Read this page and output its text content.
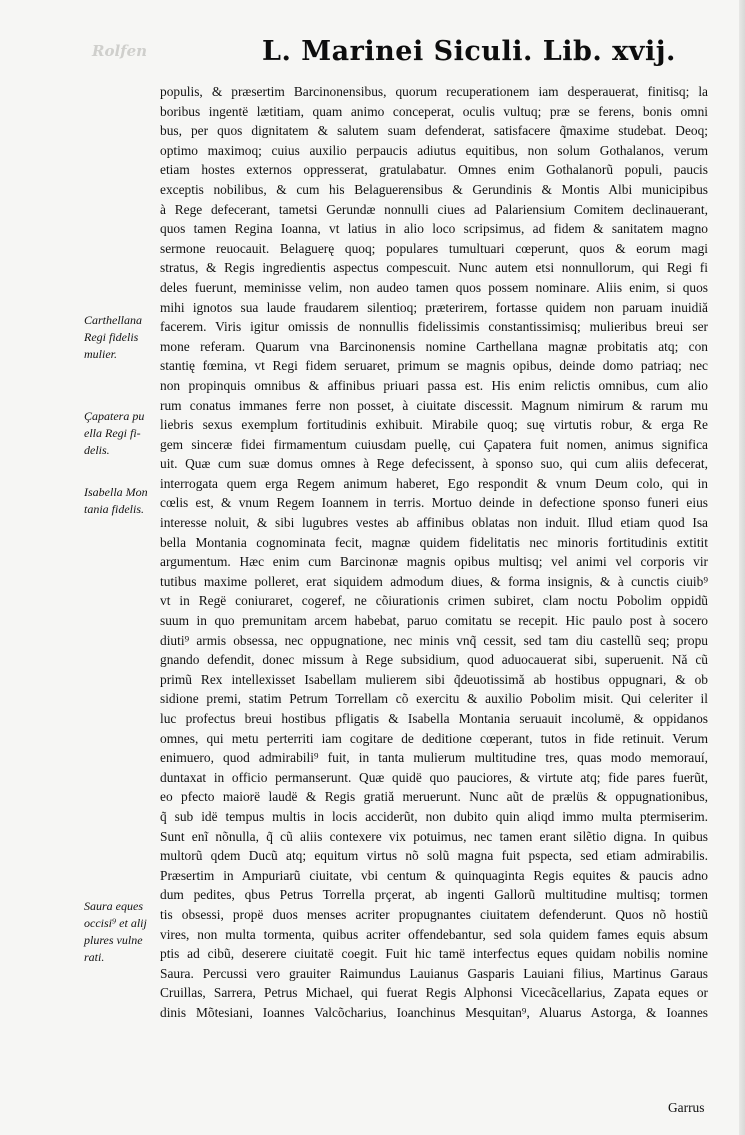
Rolfen	L. Marinei Siculi. Lib. xvij.
populis, & præsertim Barcinonensibus, quorum recuperationem iam desperauerat, finitisq; la
boribus ingentë lætitiam, quam animo conceperat, oculis vultuq; præ se ferens, bonis omni
bus, per quos dignitatem & salutem suam defenderat, satisfacere q̃maxime studebat. Deoq;
optimo maximoq; cuius auxilio perpaucis adiutus equitibus, non solum Gothalanos, verum
etiam hostes externos oppresserat, gratulabatur. Omnes enim Gothalanorũ populi, paucis
exceptis nobilibus, & cum his Belaguerensibus & Gerundinis & Montis Albi municipibus
à Rege defecerant, tametsi Gerundæ nonnulli ciues ad Palariensium Comitem declinauerant,
quos tamen Regina Ioanna, vt latius in alio loco scripsimus, ad fidem & sanitatem magno
sermone reuocauit. Belaguerę quoq; populares tumultuari cœperunt, quos & eorum magi
stratus, & Regis ingredientis aspectus compescuit. Nunc autem etsi nonnullorum, qui Regi fi
deles fuerunt, meminisse velim, non audeo tamen quos possem nominare. Aliis enim, si quos
mihi ignotos sua laude fraudarem silentioq; præterirem, fortasse quidem non paruam inuidiă
facerem. Viris igitur omissis de nonnullis fidelissimis constantissimisq; mulieribus breui ser
mone referam. Quarum vna Barcinonensis nomine Carthellana magnæ probitatis atq; con
stantię fœmina, vt Regi fidem seruaret, primum se magnis opibus, deinde domo patriaq; nec
non propinquis omnibus & affinibus priuari passa est. His enim relictis omnibus, cum alio
rum conatus immanes ferre non posset, à ciuitate discessit. Magnum nimirum & rarum mu
liebris sexus exemplum fortitudinis exhibuit. Mirabile quoq; suę virtutis robur, & erga Re
gem sinceræ fidei firmamentum cuiusdam puellę, cui Çapatera fuit nomen, animus significa
uit. Quæ cum suæ domus omnes à Rege defecissent, à sponso suo, qui cum aliis defecerat,
interrogata quem erga Regem animum haberet, Ego respondit & vnum Deum colo, qui in
cœlis est, & vnum Regem Ioannem in terris. Mortuo deinde in defectione sponso funeri eius
interesse noluit, & sibi lugubres vestes ab affinibus oblatas non induit. Illud etiam quod Isa
bella Montania cognominata fecit, magnæ quidem fidelitatis nec minoris fortitudinis extitit
argumentum. Hæc enim cum Barcinonæ magnis opibus multisq; vel animi vel corporis vir
tutibus maxime polleret, erat siquidem admodum diues, & forma insignis, & à cunctis ciuib⁹
vt in Regë coniuraret, cogeref, ne cõiurationis crimen subiret, clam noctu Pobolim oppidũ
suum in quo premunitam arcem habebat, paruo comitatu se recepit. Hic paulo post à socero
diuti⁹ armis obsessa, nec oppugnatione, nec minis vnq̃ cessit, sed tam diu castellũ seq; propu
gnando defendit, donec missum à Rege subsidium, quod aduocauerat sibi, superuenit. Nă cũ
primũ Rex intellexisset Isabellam mulierem sibi q̃deuotissimă ab hostibus oppugnari, & ob
sidione premi, statim Petrum Torrellam cõ exercitu & auxilio Pobolim misit. Qui celeriter il
luc profectus breui hostibus pfligatis & Isabella Montania seruauit incolumë, & oppidanos
omnes, qui metu perterriti iam cogitare de deditione cœperant, tutos in fide retinuit. Verum
enimuero, quod admirabili⁹ fuit, in tanta mulierum multitudine tres, quas modo memorauí,
duntaxat in officio permanserunt. Quæ quidë quo pauciores, & virtute atq; fide pares fuerũt,
eo pfecto maiorë laudë & Regis gratiă meruerunt. Nunc aũt de prælüs & oppugnationibus,
q̃ sub idë tempus multis in locis acciderũt, non dubito quin aliqd immo multa ptermiserim.
Sunt enĩ nõnulla, q̃ cũ aliis contexere vix potuimus, nec tamen erant silẽtio digna. In quibus
multorũ qdem Ducũ atq; equitum virtus nõ solũ magna fuit pspecta, sed etiam admirabilis.
Præsertim in Ampuriarũ ciuitate, vbi centum & quinquaginta Regis equites & paucis adno
dum pedites, qbus Petrus Torrella prçerat, ab ingenti Gallorũ multitudine multisq; tormen
tis obsessi, propë duos menses acriter propugnantes ciuitatem defenderunt. Quos nõ hostiũ
vires, non multa tormenta, quibus acriter offendebantur, sed sola quidem fames equis absum
ptis ad cibũ, deserere ciuitatë coegit. Fuit hic tamë interfectus eques quidam nobilis nomine
Saura. Percussi vero grauiter Raimundus Lauianus Gasparis Lauiani filius, Martinus Garaus
Cruillas, Sarrera, Petrus Michael, qui fuerat Regis Alphonsi Vicecãcellarius, Zapata eques or
dinis Mõtesiani, Ioannes Valcõcharius, Ioanchinus Mesquitan⁹, Aluarus Astorga, & Ioannes
Carthellana
Regi fidelis
mulier.
Çapatera pu
ella Regi fi-
delis.
Isabella Mon
tania fidelis.
Saura eques
occisi⁹ et alij
plures vulne
rati.
Garrus
